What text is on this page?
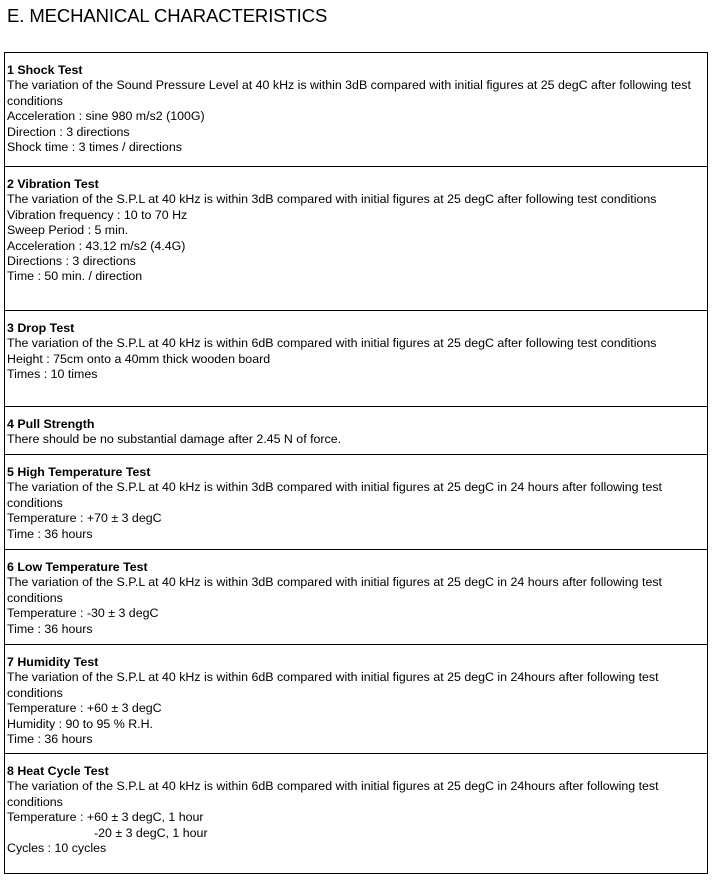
E. MECHANICAL CHARACTERISTICS
1 Shock Test
The variation of the Sound Pressure Level at 40 kHz is within 3dB compared with initial figures at 25 degC after following test conditions
Acceleration : sine 980 m/s2 (100G)
Direction : 3 directions
Shock time : 3 times / directions
2 Vibration Test
The variation of the S.P.L at 40 kHz is within 3dB compared with initial figures at 25 degC after following test conditions
Vibration frequency : 10 to 70 Hz
Sweep Period : 5 min.
Acceleration : 43.12 m/s2 (4.4G)
Directions : 3 directions
Time : 50 min. / direction
3 Drop Test
The variation of the S.P.L at 40 kHz is within 6dB compared with initial figures at 25 degC after following test conditions
Height : 75cm onto a 40mm thick wooden board
Times : 10 times
4 Pull Strength
There should be no substantial damage after 2.45 N of force.
5 High Temperature Test
The variation of the S.P.L at 40 kHz is within 3dB compared with initial figures at 25 degC in 24 hours after following test conditions
Temperature : +70 ± 3 degC
Time : 36 hours
6 Low Temperature Test
The variation of the S.P.L at 40 kHz is within 3dB compared with initial figures at 25 degC in 24 hours after following test conditions
Temperature : -30 ± 3 degC
Time : 36 hours
7 Humidity Test
The variation of the S.P.L at 40 kHz is within 6dB compared with initial figures at 25 degC in 24hours after following test conditions
Temperature : +60 ± 3 degC
Humidity : 90 to 95 % R.H.
Time : 36 hours
8 Heat Cycle Test
The variation of the S.P.L at 40 kHz is within 6dB compared with initial figures at 25 degC in 24hours after following test conditions
Temperature : +60 ± 3 degC, 1 hour
-20 ± 3 degC, 1 hour
Cycles : 10 cycles
